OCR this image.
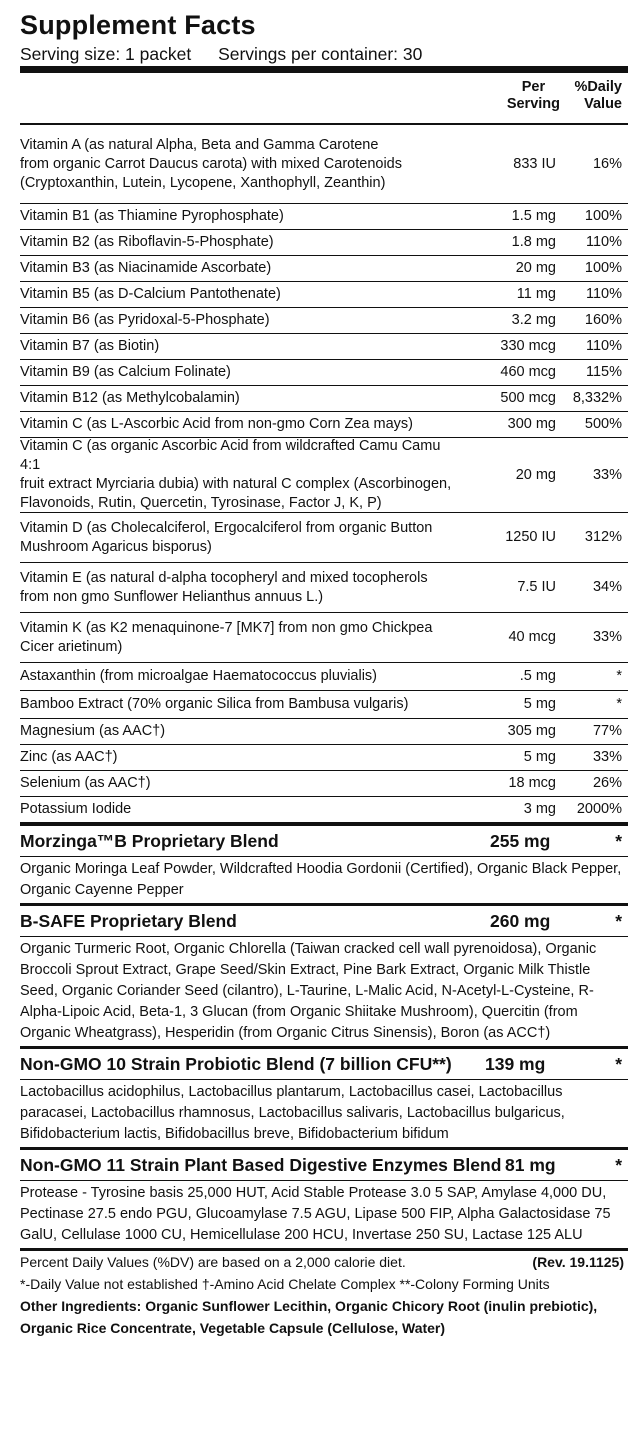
Supplement Facts
Serving size: 1 packet Servings per container: 30
Per
Serving
%Daily
Value
Vitamin A (as natural Alpha, Beta and Gamma Carotene
from organic Carrot Daucus carota) with mixed Carotenoids
(Cryptoxanthin, Lutein, Lycopene, Xanthophyll, Zeanthin)
833 IU	16%
Vitamin B1 (as Thiamine Pyrophosphate)	1.5 mg	100%
Vitamin B2 (as Riboflavin-5-Phosphate)	1.8 mg	110%
Vitamin B3 (as Niacinamide Ascorbate)	20 mg	100%
Vitamin B5 (as D-Calcium Pantothenate)	11 mg	110%
Vitamin B6 (as Pyridoxal-5-Phosphate)	3.2 mg	160%
Vitamin B7 (as Biotin)	330 mcg	110%
Vitamin B9 (as Calcium Folinate)	460 mcg	115%
Vitamin B12 (as Methylcobalamin)	500 mcg	8,332%
Vitamin C (as L-Ascorbic Acid from non-gmo Corn Zea mays)	300 mg	500%
Vitamin C (as organic Ascorbic Acid from wildcrafted Camu Camu 4:1
fruit extract Myrciaria dubia) with natural C complex (Ascorbinogen,
Flavonoids, Rutin, Quercetin, Tyrosinase, Factor J, K, P)
20 mg	33%
Vitamin D (as Cholecalciferol, Ergocalciferol from organic Button
Mushroom Agaricus bisporus)
1250 IU	312%
Vitamin E (as natural d-alpha tocopheryl and mixed tocopherols
from non gmo Sunflower Helianthus annuus L.)
7.5 IU	34%
Vitamin K (as K2 menaquinone-7 [MK7] from non gmo Chickpea
Cicer arietinum)
40 mcg	33%
Astaxanthin (from microalgae Haematococcus pluvialis)	.5 mg	*
Bamboo Extract (70% organic Silica from Bambusa vulgaris)	5 mg	*
Magnesium (as AAC†)	305 mg	77%
Zinc (as AAC†)	5 mg	33%
Selenium (as AAC†)	18 mcg	26%
Potassium Iodide	3 mg	2000%
Morzinga™B Proprietary Blend	255 mg	*
Organic Moringa Leaf Powder, Wildcrafted Hoodia Gordonii (Certified), Organic Black Pepper, Organic Cayenne Pepper
B-SAFE Proprietary Blend	260 mg	*
Organic Turmeric Root, Organic Chlorella (Taiwan cracked cell wall pyrenoidosa), Organic Broccoli Sprout Extract, Grape Seed/Skin Extract, Pine Bark Extract, Organic Milk Thistle Seed, Organic Coriander Seed (cilantro), L-Taurine, L-Malic Acid, N-Acetyl-L-Cysteine, R-Alpha-Lipoic Acid, Beta-1, 3 Glucan (from Organic Shiitake Mushroom), Quercitin (from Organic Wheatgrass), Hesperidin (from Organic Citrus Sinensis), Boron (as ACC†)
Non-GMO 10 Strain Probiotic Blend (7 billion CFU**) 139 mg	*
Lactobacillus acidophilus, Lactobacillus plantarum, Lactobacillus casei, Lactobacillus paracasei, Lactobacillus rhamnosus, Lactobacillus salivaris, Lactobacillus bulgaricus, Bifidobacterium lactis, Bifidobacillus breve, Bifidobacterium bifidum
Non-GMO 11 Strain Plant Based Digestive Enzymes Blend 81 mg	*
Protease - Tyrosine basis 25,000 HUT, Acid Stable Protease 3.0 5 SAP, Amylase 4,000 DU, Pectinase 27.5 endo PGU, Glucoamylase 7.5 AGU, Lipase 500 FIP, Alpha Galactosidase 75 GalU, Cellulase 1000 CU, Hemicellulase 200 HCU, Invertase 250 SU, Lactase 125 ALU
Percent Daily Values (%DV) are based on a 2,000 calorie diet.	(Rev. 19.1125)
*-Daily Value not established †-Amino Acid Chelate Complex **-Colony Forming Units
Other Ingredients: Organic Sunflower Lecithin, Organic Chicory Root (inulin prebiotic), Organic Rice Concentrate, Vegetable Capsule (Cellulose, Water)
